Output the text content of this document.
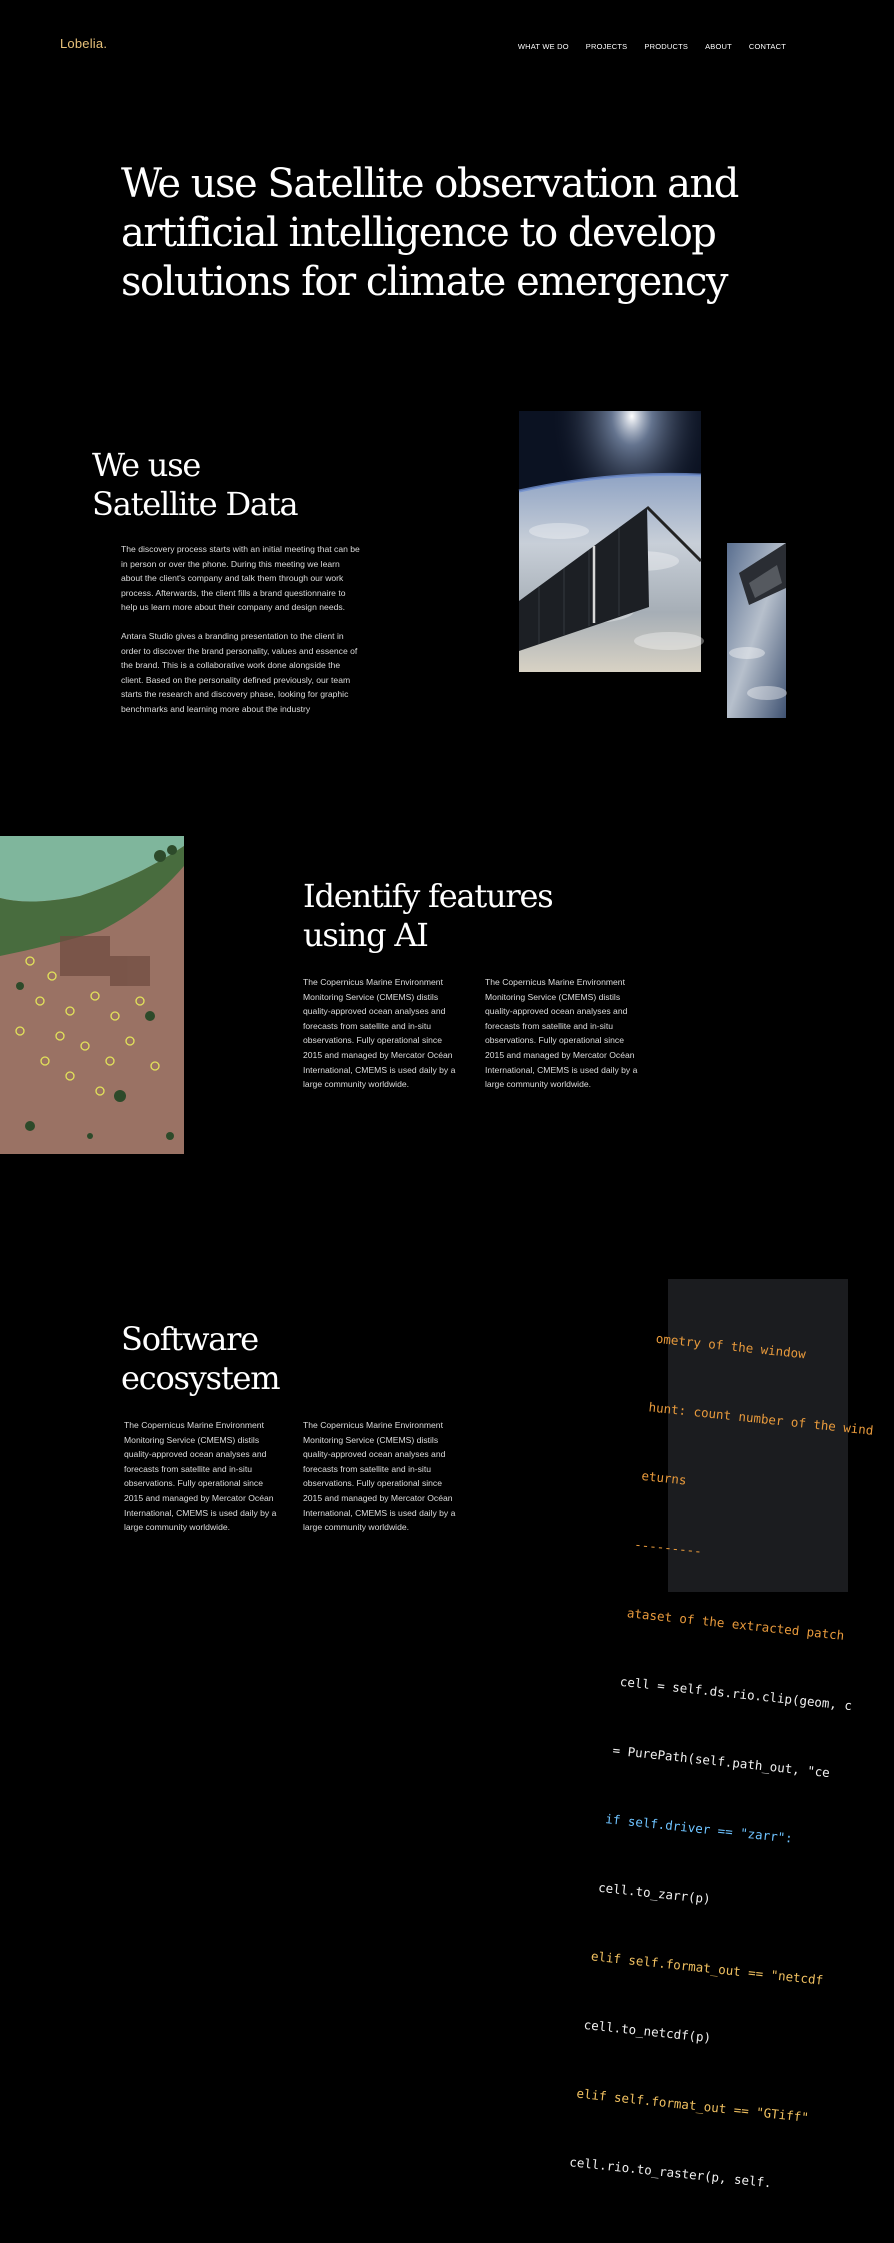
Lobelia.	WHAT WE DO PROJECTS PRODUCTS ABOUT CONTACT
We use Satellite observation and artificial intelligence to develop solutions for climate emergency
We use
Satellite Data

The discovery process starts with an initial meeting that can be in person or over the phone. During this meeting we learn about the client's company and talk them through our work process. Afterwards, the client fills a brand questionnaire to help us learn more about their company and design needs.

Antara Studio gives a branding presentation to the client in order to discover the brand personality, values and essence of the brand. This is a collaborative work done alongside the client. Based on the personality defined previously, our team starts the research and discovery phase, looking for graphic benchmarks and learning more about the industry

Identify features
using AI

The Copernicus Marine Environment Monitoring Service (CMEMS) distils quality-approved ocean analyses and forecasts from satellite and in-situ observations. Fully operational since 2015 and managed by Mercator Océan International, CMEMS is used daily by a large community worldwide.

The Copernicus Marine Environment Monitoring Service (CMEMS) distils quality-approved ocean analyses and forecasts from satellite and in-situ observations. Fully operational since 2015 and managed by Mercator Océan International, CMEMS is used daily by a large community worldwide.

Software
ecosystem

The Copernicus Marine Environment Monitoring Service (CMEMS) distils quality-approved ocean analyses and forecasts from satellite and in-situ observations. Fully operational since 2015 and managed by Mercator Océan International, CMEMS is used daily by a large community worldwide.

The Copernicus Marine Environment Monitoring Service (CMEMS) distils quality-approved ocean analyses and forecasts from satellite and in-situ observations. Fully operational since 2015 and managed by Mercator Océan International, CMEMS is used daily by a large community worldwide.

ometry of the window

hunt: count number of the wind

eturns

---------

ataset of the extracted patch

cell = self.ds.rio.clip(geom, c

= PurePath(self.path_out, "ce

if self.driver == "zarr":

cell.to_zarr(p)

elif self.format_out == "netcdf

cell.to_netcdf(p)

elif self.format_out == "GTiff"

cell.rio.to_raster(p, self.
